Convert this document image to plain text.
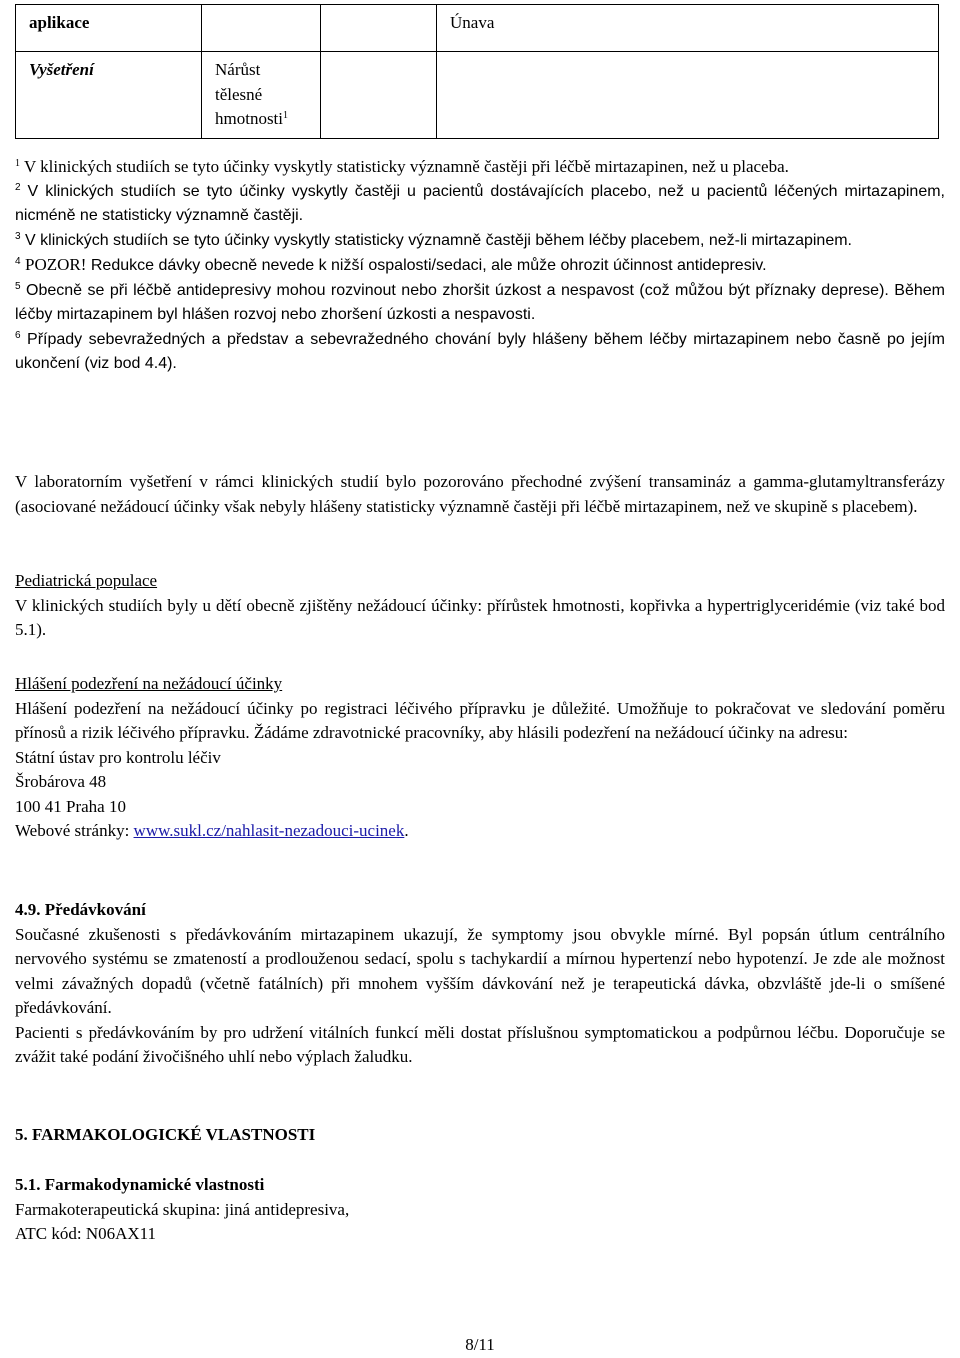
aplikace			Únava
Vyšetření	Nárůst tělesné hmotnosti$^1$		

$^1$ V klinických studiích se tyto účinky vyskytly statisticky významně častěji při léčbě mirtazapinen, než u placeba.

$^2$ V klinických studiích se tyto účinky vyskytly častěji u pacientů dostávajících placebo, než u pacientů léčených mirtazapinem, nicméně ne statisticky významně častěji.

$^3$ V klinických studiích se tyto účinky vyskytly statisticky významně častěji během léčby placebem, než-li mirtazapinem.

$^4$ POZOR! Redukce dávky obecně nevede k nižší ospalosti/sedaci, ale může ohrozit účinnost antidepresiv.

$^5$ Obecně se při léčbě antidepresivy mohou rozvinout nebo zhoršit úzkost a nespavost (což můžou být příznaky deprese). Během léčby mirtazapinem byl hlášen rozvoj nebo zhoršení úzkosti a nespavosti.

$^6$ Případy sebevražedných a představ a sebevražedného chování byly hlášeny během léčby mirtazapinem nebo časně po jejím ukončení (viz bod 4.4).

V laboratorním vyšetření v rámci klinických studií bylo pozorováno přechodné zvýšení transamináz a gamma-glutamyltransferázy (asociované nežádoucí účinky však nebyly hlášeny statisticky významně častěji při léčbě mirtazapinem, než ve skupině s placebem).

Pediatrická populace

V klinických studiích byly u dětí obecně zjištěny nežádoucí účinky: přírůstek hmotnosti, kopřivka a hypertriglyceridémie (viz také bod 5.1).

Hlášení podezření na nežádoucí účinky

Hlášení podezření na nežádoucí účinky po registraci léčivého přípravku je důležité. Umožňuje to pokračovat ve sledování poměru přínosů a rizik léčivého přípravku. Žádáme zdravotnické pracovníky, aby hlásili podezření na nežádoucí účinky na adresu:

Státní ústav pro kontrolu léčiv

Šrobárova 48

100 41 Praha 10

Webové stránky: www.sukl.cz/nahlasit-nezadouci-ucinek.

4.9. Předávkování

Současné zkušenosti s předávkováním mirtazapinem ukazují, že symptomy jsou obvykle mírné. Byl popsán útlum centrálního nervového systému se zmateností a prodlouženou sedací, spolu s tachykardií a mírnou hypertenzí nebo hypotenzí. Je zde ale možnost velmi závažných dopadů (včetně fatálních) při mnohem vyšším dávkování než je terapeutická dávka, obzvláště jde-li o smíšené předávkování.

Pacienti s předávkováním by pro udržení vitálních funkcí měli dostat příslušnou symptomatickou a podpůrnou léčbu. Doporučuje se zvážit také podání živočišného uhlí nebo výplach žaludku.

5. FARMAKOLOGICKÉ VLASTNOSTI

5.1. Farmakodynamické vlastnosti

Farmakoterapeutická skupina: jiná antidepresiva,

ATC kód: N06AX11

8/11
